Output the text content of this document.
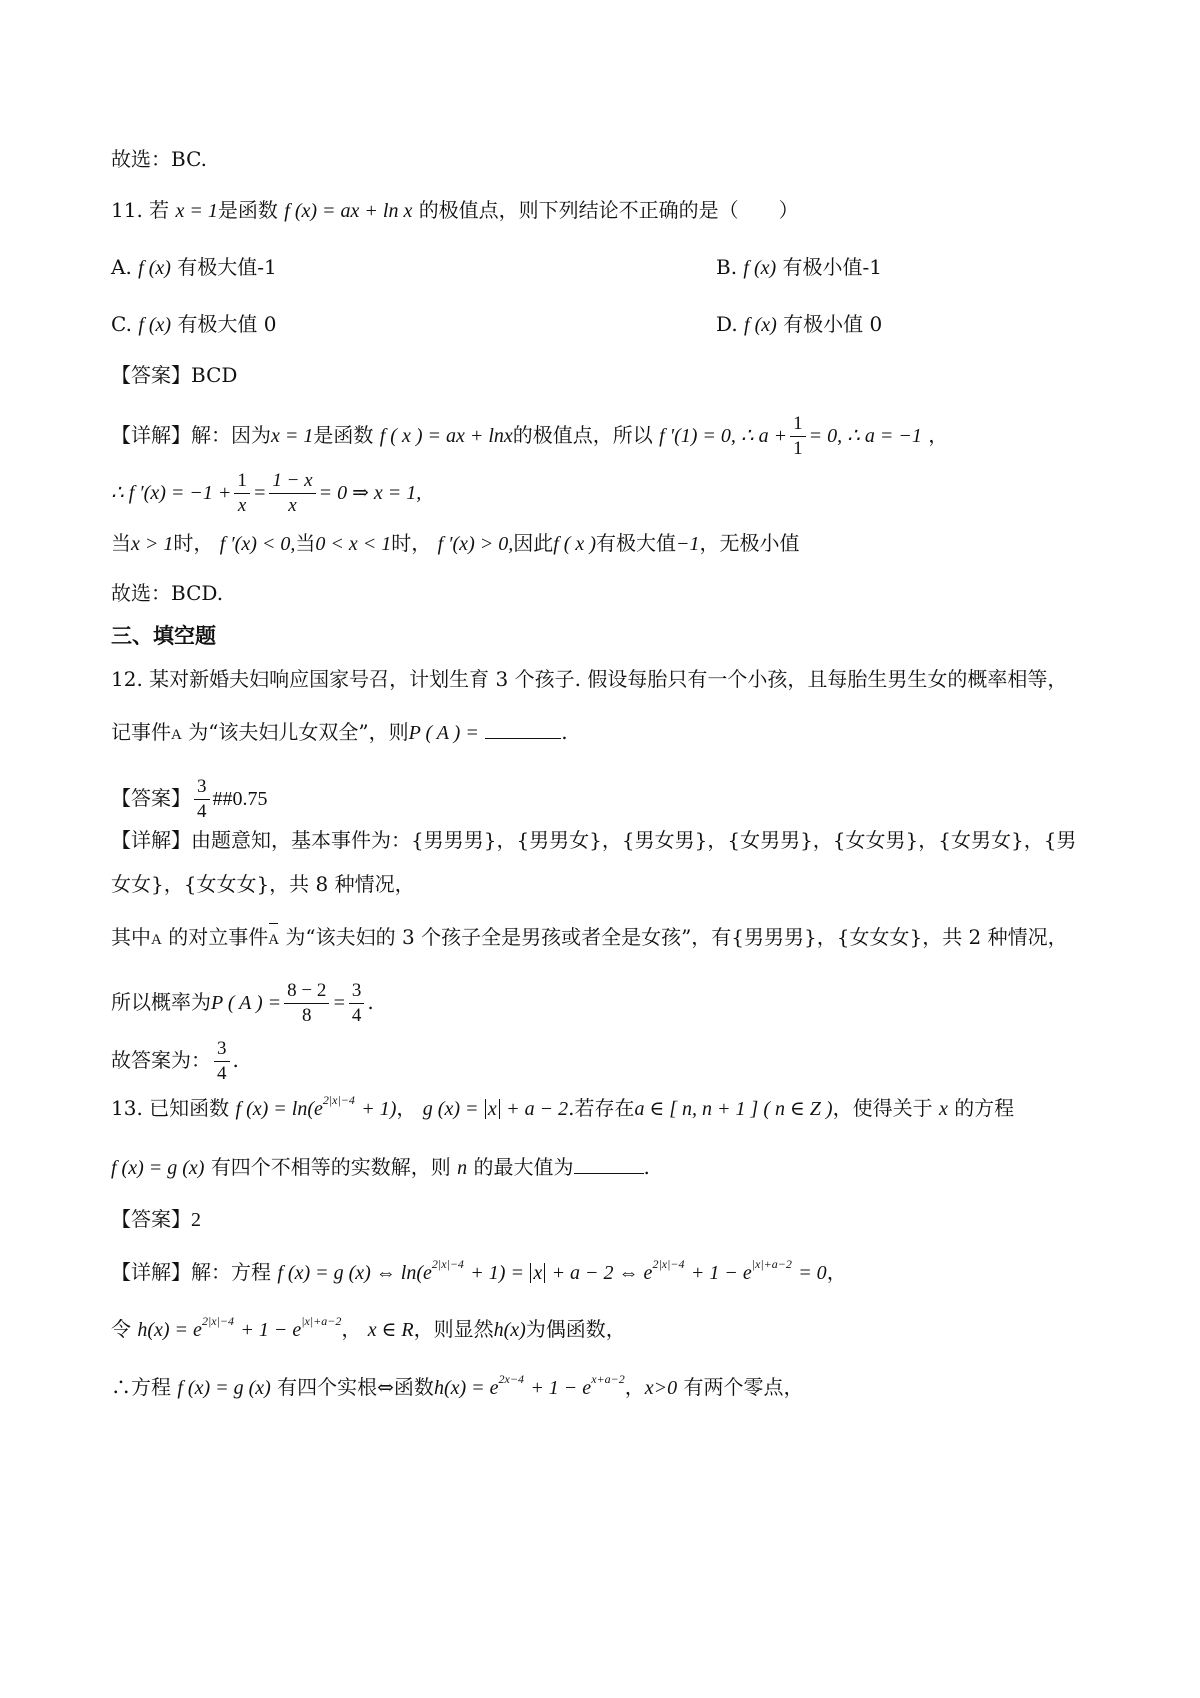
故选：BC.
11. 若 x = 1是函数 f (x) = ax + ln x 的极值点，则下列结论不正确的是（　　）
A. f (x) 有极大值-1	B. f (x) 有极小值-1
C. f (x) 有极大值 0	D. f (x) 有极小值 0
【答案】BCD
【详解】解：因为x = 1是函数 f ( x ) = ax + lnx的极值点，所以 f ′(1) = 0, ∴ $a + \frac{1}{1} = 0$, ∴ a = −1 ，
∴ f $'(x) = -1 + \frac{1}{x} = \frac{1 - x}{x} = 0$ ⇒ x = 1,
当x > 1时， f ′(x) < 0,当0 < x < 1时， f ′(x) > 0,因此f ( x )有极大值−1，无极小值
故选：BCD.
三、填空题
12. 某对新婚夫妇响应国家号召，计划生育 3 个孩子. 假设每胎只有一个小孩，且每胎生男生女的概率相等，
记事件A 为“该夫妇儿女双全”，则P ( A ) =	.
【答案】 $\frac{3}{4}$ ##0.75
【详解】由题意知，基本事件为：{男男男}，{男男女}，{男女男}，{女男男}，{女女男}，{女男女}，{男
女女}，{女女女}，共 8 种情况，
其中A 的对立事件A 为“该夫妇的 3 个孩子全是男孩或者全是女孩”，有{男男男}，{女女女}，共 2 种情况，
所以概率为P ( A ) = $\frac{8 - 2}{8} = \frac{3}{4}$ .
故答案为： $\frac{3}{4}$ .
13. 已知函数 f $(x) = \ln(e^{2|x|-4} + 1)$， g (x) = x + a − 2.若存在a ∈ [ n, n + 1 ] ( n ∈ Z )，使得关于 x 的方程
f (x) = g (x) 有四个不相等的实数解，则 n 的最大值为	.
【答案】2
【详解】解：方程 f (x) = g (x) ⇔ $\ln(e^{2|x|-4} + 1) = x + a - 2$ ⇔ $e^{2|x|-4} + 1 - e^{|x|+a-2} = 0$，
令 $h(x) = e^{2|x|-4} + 1 - e^{|x|+a-2}$， x ∈ R，则显然h(x)为偶函数，
∴方程 f (x) = g (x) 有四个实根⇔函数$h(x) = e^{2x-4} + 1 - e^{x+a-2}$，x>0 有两个零点，
